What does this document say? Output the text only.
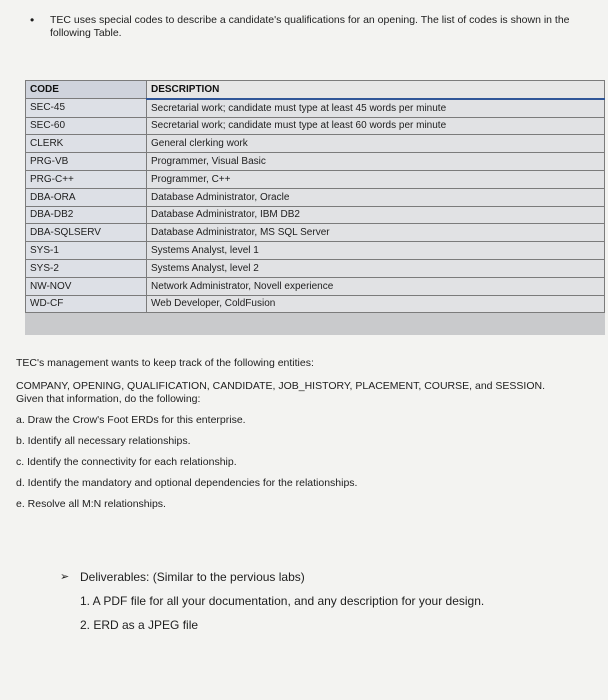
• TEC uses special codes to describe a candidate's qualifications for an opening. The list of codes is shown in the following Table.
CODE	DESCRIPTION
SEC-45	Secretarial work; candidate must type at least 45 words per minute
SEC-60	Secretarial work; candidate must type at least 60 words per minute
CLERK	General clerking work
PRG-VB	Programmer, Visual Basic
PRG-C++	Programmer, C++
DBA-ORA	Database Administrator, Oracle
DBA-DB2	Database Administrator, IBM DB2
DBA-SQLSERV	Database Administrator, MS SQL Server
SYS-1	Systems Analyst, level 1
SYS-2	Systems Analyst, level 2
NW-NOV	Network Administrator, Novell experience
WD-CF	Web Developer, ColdFusion

TEC's management wants to keep track of the following entities:

COMPANY, OPENING, QUALIFICATION, CANDIDATE, JOB_HISTORY, PLACEMENT, COURSE, and SESSION.

Given that information, do the following:

a. Draw the Crow's Foot ERDs for this enterprise.

b. Identify all necessary relationships.

c. Identify the connectivity for each relationship.

d. Identify the mandatory and optional dependencies for the relationships.

e. Resolve all M:N relationships.

➢ Deliverables: (Similar to the pervious labs)
1. A PDF file for all your documentation, and any description for your design.
2. ERD as a JPEG file
